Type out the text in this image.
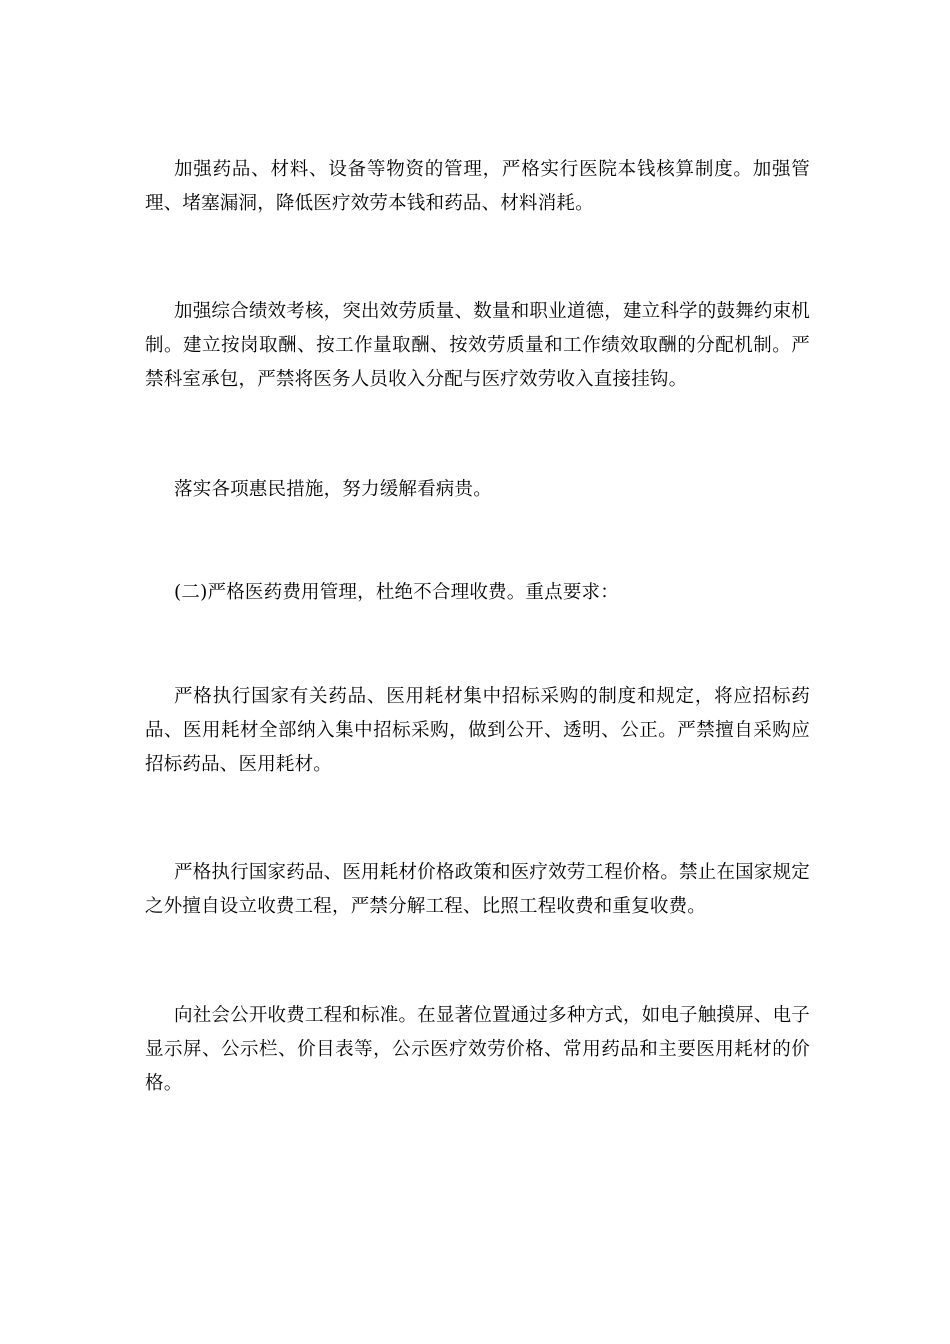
加强药品、材料、设备等物资的管理，严格实行医院本钱核算制度。加强管理、堵塞漏洞，降低医疗效劳本钱和药品、材料消耗。

加强综合绩效考核，突出效劳质量、数量和职业道德，建立科学的鼓舞约束机制。建立按岗取酬、按工作量取酬、按效劳质量和工作绩效取酬的分配机制。严禁科室承包，严禁将医务人员收入分配与医疗效劳收入直接挂钩。

落实各项惠民措施，努力缓解看病贵。

(二)严格医药费用管理，杜绝不合理收费。重点要求：

严格执行国家有关药品、医用耗材集中招标采购的制度和规定，将应招标药品、医用耗材全部纳入集中招标采购，做到公开、透明、公正。严禁擅自采购应招标药品、医用耗材。

严格执行国家药品、医用耗材价格政策和医疗效劳工程价格。禁止在国家规定之外擅自设立收费工程，严禁分解工程、比照工程收费和重复收费。

向社会公开收费工程和标准。在显著位置通过多种方式，如电子触摸屏、电子显示屏、公示栏、价目表等，公示医疗效劳价格、常用药品和主要医用耗材的价格。
